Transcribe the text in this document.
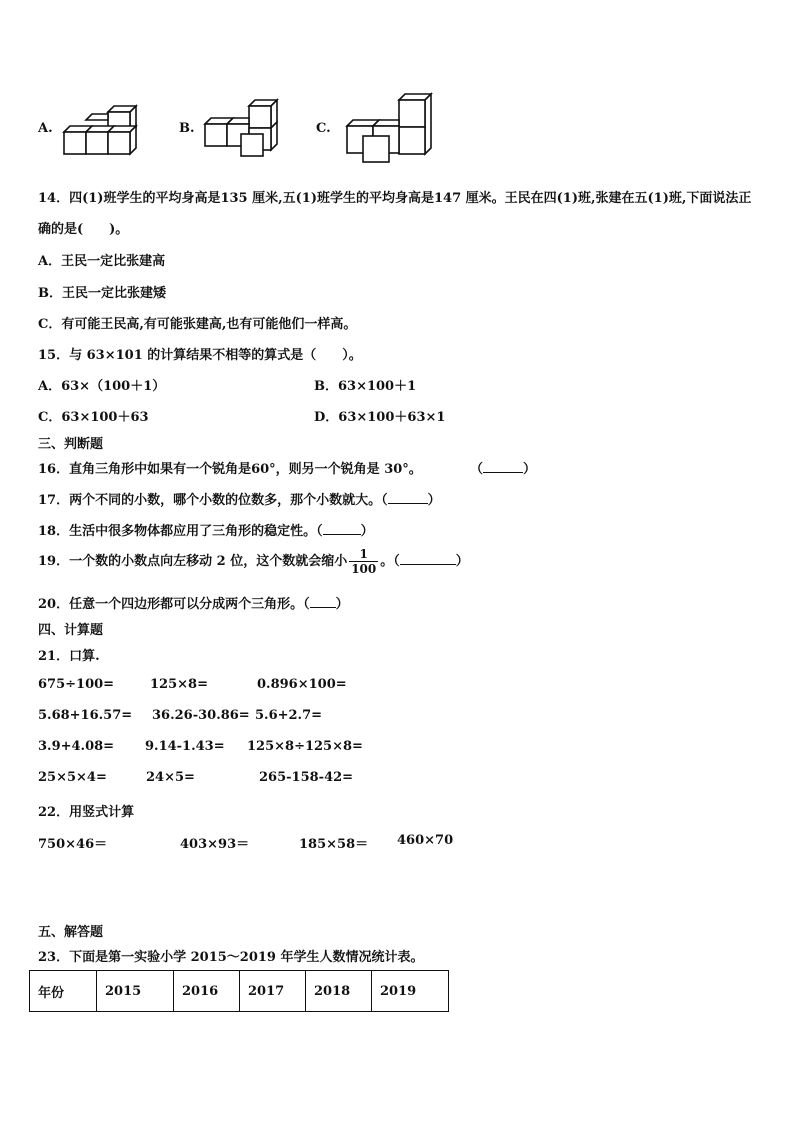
A.	B.	C.
14．四(1)班学生的平均身高是135 厘米,五(1)班学生的平均身高是147 厘米。王民在四(1)班,张建在五(1)班,下面说法正
确的是(　　)。
A．王民一定比张建高
B．王民一定比张建矮
C．有可能王民高,有可能张建高,也有可能他们一样高。
15．与 63×101 的计算结果不相等的算式是（　　）。
A．63×（100＋1）	B．63×100＋1
C．63×100＋63	D．63×100＋63×1
三、判断题
16．直角三角形中如果有一个锐角是60°，则另一个锐角是 30°。	（	）
17．两个不同的小数，哪个小数的位数多，那个小数就大。（	）
18．生活中很多物体都应用了三角形的稳定性。（	）
19．一个数的小数点向左移动 2 位，这个数就会缩小 $\frac{1}{100}$ 。（	）
20．任意一个四边形都可以分成两个三角形。（ ）
四、计算题
21．口算.
675÷100=	125×8=	0.896×100=
5.68+16.57= 36.26-30.86= 5.6+2.7=
3.9+4.08= 9.14-1.43= 125×8÷125×8=
25×5×4=	24×5=	265-158-42=
22．用竖式计算
750×46＝	403×93＝	185×58＝ 460×70
五、解答题
23．下面是第一实验小学 2015～2019 年学生人数情况统计表。
年份	2015	2016	2017	2018	2019
